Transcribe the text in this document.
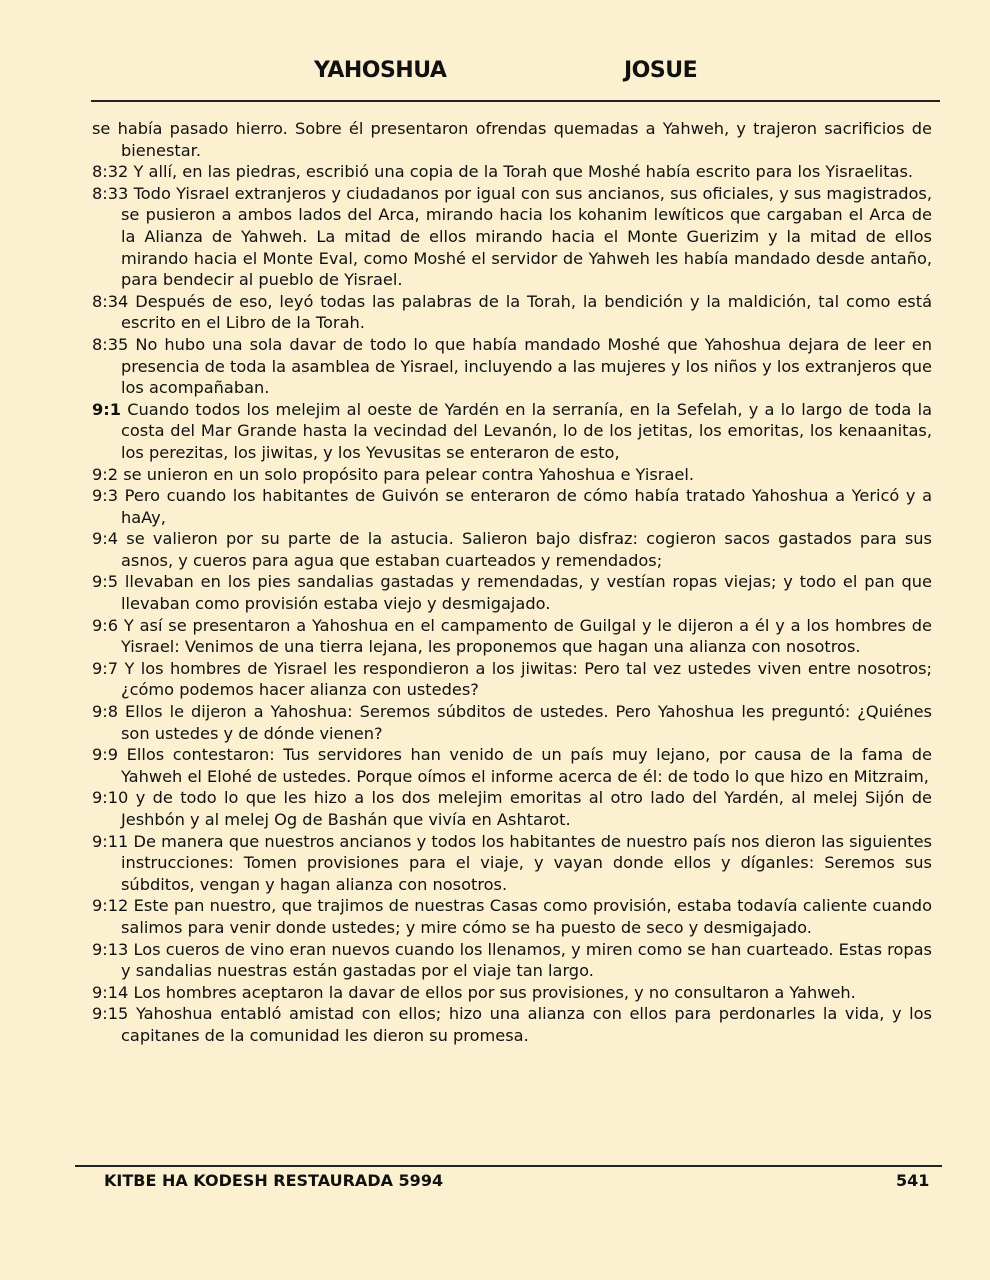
YAHOSHUA	JOSUE

se había pasado hierro. Sobre él presentaron ofrendas quemadas a Yahweh, y trajeron sacrificios de bienestar.

8:32 Y allí, en las piedras, escribió una copia de la Torah que Moshé había escrito para los Yisraelitas.

8:33 Todo Yisrael extranjeros y ciudadanos por igual con sus ancianos, sus oficiales, y sus magistrados, se pusieron a ambos lados del Arca, mirando hacia los kohanim lewíticos que cargaban el Arca de la Alianza de Yahweh. La mitad de ellos mirando hacia el Monte Guerizim y la mitad de ellos mirando hacia el Monte Eval, como Moshé el servidor de Yahweh les había mandado desde antaño, para bendecir al pueblo de Yisrael.

8:34 Después de eso, leyó todas las palabras de la Torah, la bendición y la maldición, tal como está escrito en el Libro de la Torah.

8:35 No hubo una sola davar de todo lo que había mandado Moshé que Yahoshua dejara de leer en presencia de toda la asamblea de Yisrael, incluyendo a las mujeres y los niños y los extranjeros que los acompañaban.

9:1 Cuando todos los melejim al oeste de Yardén en la serranía, en la Sefelah, y a lo largo de toda la costa del Mar Grande hasta la vecindad del Levanón, lo de los jetitas, los emoritas, los kenaanitas, los perezitas, los jiwitas, y los Yevusitas se enteraron de esto,

9:2 se unieron en un solo propósito para pelear contra Yahoshua e Yisrael.

9:3 Pero cuando los habitantes de Guivón se enteraron de cómo había tratado Yahoshua a Yericó y a haAy,

9:4 se valieron por su parte de la astucia. Salieron bajo disfraz: cogieron sacos gastados para sus asnos, y cueros para agua que estaban cuarteados y remendados;

9:5 llevaban en los pies sandalias gastadas y remendadas, y vestían ropas viejas; y todo el pan que llevaban como provisión estaba viejo y desmigajado.

9:6 Y así se presentaron a Yahoshua en el campamento de Guilgal y le dijeron a él y a los hombres de Yisrael: Venimos de una tierra lejana, les proponemos que hagan una alianza con nosotros.

9:7 Y los hombres de Yisrael les respondieron a los jiwitas: Pero tal vez ustedes viven entre nosotros; ¿cómo podemos hacer alianza con ustedes?

9:8 Ellos le dijeron a Yahoshua: Seremos súbditos de ustedes. Pero Yahoshua les preguntó: ¿Quiénes son ustedes y de dónde vienen?

9:9 Ellos contestaron: Tus servidores han venido de un país muy lejano, por causa de la fama de Yahweh el Elohé de ustedes. Porque oímos el informe acerca de él: de todo lo que hizo en Mitzraim,

9:10 y de todo lo que les hizo a los dos melejim emoritas al otro lado del Yardén, al melej Sijón de Jeshbón y al melej Og de Bashán que vivía en Ashtarot.

9:11 De manera que nuestros ancianos y todos los habitantes de nuestro país nos dieron las siguientes instrucciones: Tomen provisiones para el viaje, y vayan donde ellos y díganles: Seremos sus súbditos, vengan y hagan alianza con nosotros.

9:12 Este pan nuestro, que trajimos de nuestras Casas como provisión, estaba todavía caliente cuando salimos para venir donde ustedes; y mire cómo se ha puesto de seco y desmigajado.

9:13 Los cueros de vino eran nuevos cuando los llenamos, y miren como se han cuarteado. Estas ropas y sandalias nuestras están gastadas por el viaje tan largo.

9:14 Los hombres aceptaron la davar de ellos por sus provisiones, y no consultaron a Yahweh.

9:15 Yahoshua entabló amistad con ellos; hizo una alianza con ellos para perdonarles la vida, y los capitanes de la comunidad les dieron su promesa.

KITBE HA KODESH RESTAURADA 5994	541
